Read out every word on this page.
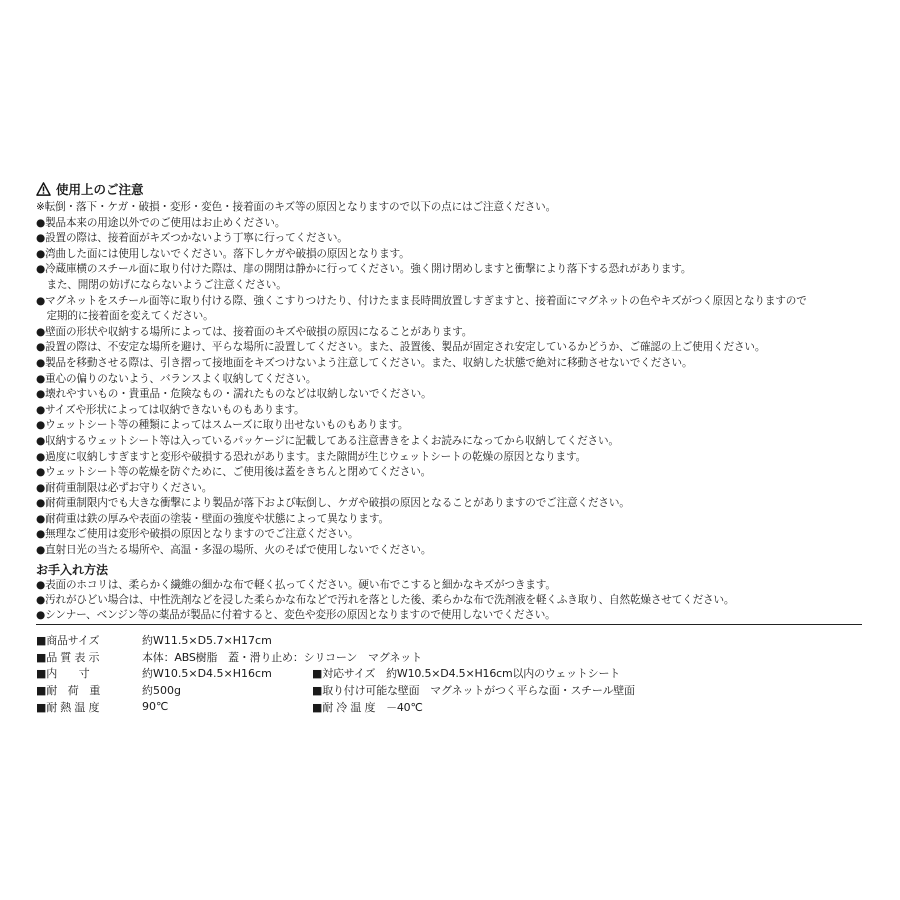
使用上のご注意
※転倒・落下・ケガ・破損・変形・変色・接着面のキズ等の原因となりますので以下の点にはご注意ください。
●製品本来の用途以外でのご使用はお止めください。
●設置の際は、接着面がキズつかないよう丁寧に行ってください。
●湾曲した面には使用しないでください。落下しケガや破損の原因となります。
●冷蔵庫横のスチール面に取り付けた際は、扉の開閉は静かに行ってください。強く開け閉めしますと衝撃により落下する恐れがあります。
　また、開閉の妨げにならないようご注意ください。
●マグネットをスチール面等に取り付ける際、強くこすりつけたり、付けたまま長時間放置しすぎますと、接着面にマグネットの色やキズがつく原因となりますので
　定期的に接着面を変えてください。
●壁面の形状や収納する場所によっては、接着面のキズや破損の原因になることがあります。
●設置の際は、不安定な場所を避け、平らな場所に設置してください。また、設置後、製品が固定され安定しているかどうか、ご確認の上ご使用ください。
●製品を移動させる際は、引き摺って接地面をキズつけないよう注意してください。また、収納した状態で絶対に移動させないでください。
●重心の偏りのないよう、バランスよく収納してください。
●壊れやすいもの・貴重品・危険なもの・濡れたものなどは収納しないでください。
●サイズや形状によっては収納できないものもあります。
●ウェットシート等の種類によってはスムーズに取り出せないものもあります。
●収納するウェットシート等は入っているパッケージに記載してある注意書きをよくお読みになってから収納してください。
●過度に収納しすぎますと変形や破損する恐れがあります。また隙間が生じウェットシートの乾燥の原因となります。
●ウェットシート等の乾燥を防ぐために、ご使用後は蓋をきちんと閉めてください。
●耐荷重制限は必ずお守りください。
●耐荷重制限内でも大きな衝撃により製品が落下および転倒し、ケガや破損の原因となることがありますのでご注意ください。
●耐荷重は鉄の厚みや表面の塗装・壁面の強度や状態によって異なります。
●無理なご使用は変形や破損の原因となりますのでご注意ください。
●直射日光の当たる場所や、高温・多湿の場所、火のそばで使用しないでください。
お手入れ方法
●表面のホコリは、柔らかく繊維の細かな布で軽く払ってください。硬い布でこすると細かなキズがつきます。
●汚れがひどい場合は、中性洗剤などを浸した柔らかな布などで汚れを落とした後、柔らかな布で洗剤液を軽くふき取り、自然乾燥させてください。
●シンナー、ベンジン等の薬品が製品に付着すると、変色や変形の原因となりますので使用しないでください。
■商品サイズ	約W11.5×D5.7×H17cm
■品 質 表 示	本体：ABS樹脂　蓋・滑り止め：シリコーン　マグネット
■内　　寸	約W10.5×D4.5×H16cm	■対応サイズ　約W10.5×D4.5×H16cm以内のウェットシート
■耐　荷　重	約500g	■取り付け可能な壁面　マグネットがつく平らな面・スチール壁面
■耐 熱 温 度	90℃	■耐 冷 温 度　－40℃
